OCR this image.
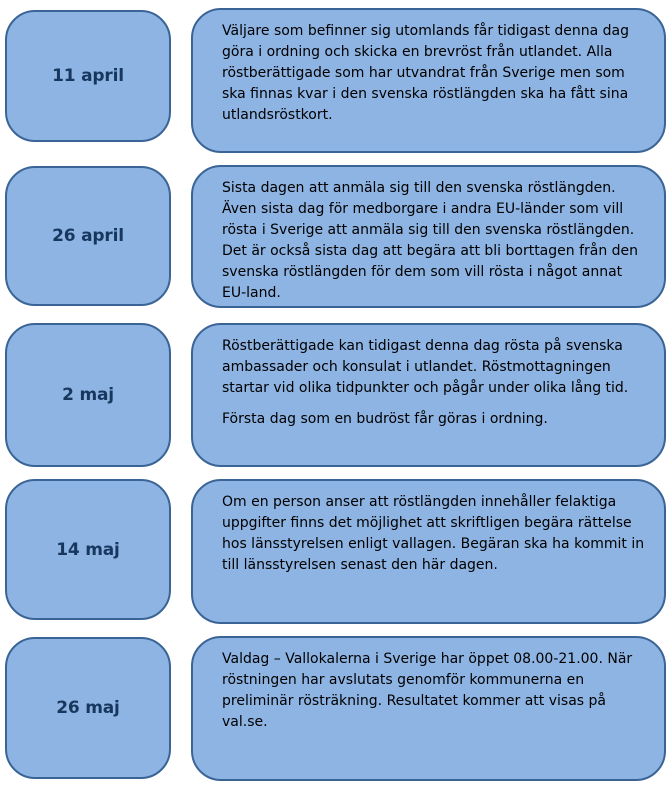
11 april

Väljare som befinner sig utomlands får tidigast denna dag göra i ordning och skicka en brevröst från utlandet. Alla röstberättigade som har utvandrat från Sverige men som ska finnas kvar i den svenska röstlängden ska ha fått sina utlandsröstkort.

26 april

Sista dagen att anmäla sig till den svenska röstlängden. Även sista dag för medborgare i andra EU-länder som vill rösta i Sverige att anmäla sig till den svenska röstlängden. Det är också sista dag att begära att bli borttagen från den svenska röstlängden för dem som vill rösta i något annat EU-land.

2 maj

Röstberättigade kan tidigast denna dag rösta på svenska ambassader och konsulat i utlandet. Röstmottagningen startar vid olika tidpunkter och pågår under olika lång tid.

Första dag som en budröst får göras i ordning.

14 maj

Om en person anser att röstlängden innehåller felaktiga uppgifter finns det möjlighet att skriftligen begära rättelse hos länsstyrelsen enligt vallagen. Begäran ska ha kommit in till länsstyrelsen senast den här dagen.

26 maj

Valdag – Vallokalerna i Sverige har öppet 08.00-21.00. När röstningen har avslutats genomför kommunerna en preliminär rösträkning. Resultatet kommer att visas på val.se.
